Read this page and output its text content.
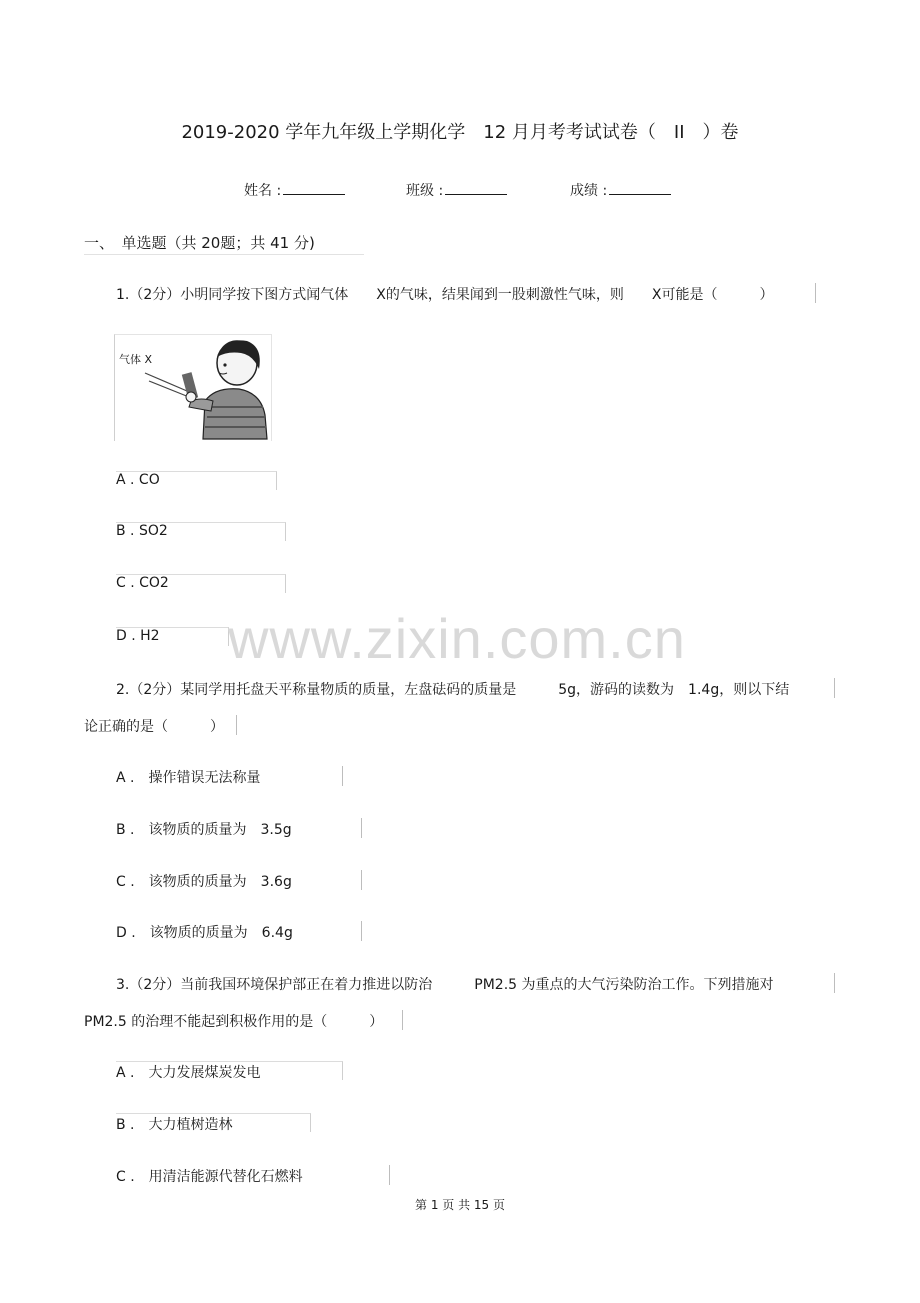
2019-2020 学年九年级上学期化学　12 月月考考试试卷（　II　）卷
姓名 :	班级 :	成绩 :
一、　单选题（共 20题；共 41 分)
1.（2分）小明同学按下图方式闻气体　　X的气味，结果闻到一股刺激性气味，则　　X可能是（　　　）
气体 X
A . CO
B . SO2
C . CO2
D . H2 www.zixin.com.cn
2.（2分）某同学用托盘天平称量物质的质量，左盘砝码的质量是　　　5g，游码的读数为　1.4g，则以下结
论正确的是（　　　）
A .　操作错误无法称量
B .　该物质的质量为　3.5g
C .　该物质的质量为　3.6g
D .　该物质的质量为　6.4g
3.（2分）当前我国环境保护部正在着力推进以防治　　　PM2.5 为重点的大气污染防治工作。下列措施对
PM2.5 的治理不能起到积极作用的是（　　　）
A .　大力发展煤炭发电
B .　大力植树造林
C .　用清洁能源代替化石燃料
第 1 页 共 15 页
